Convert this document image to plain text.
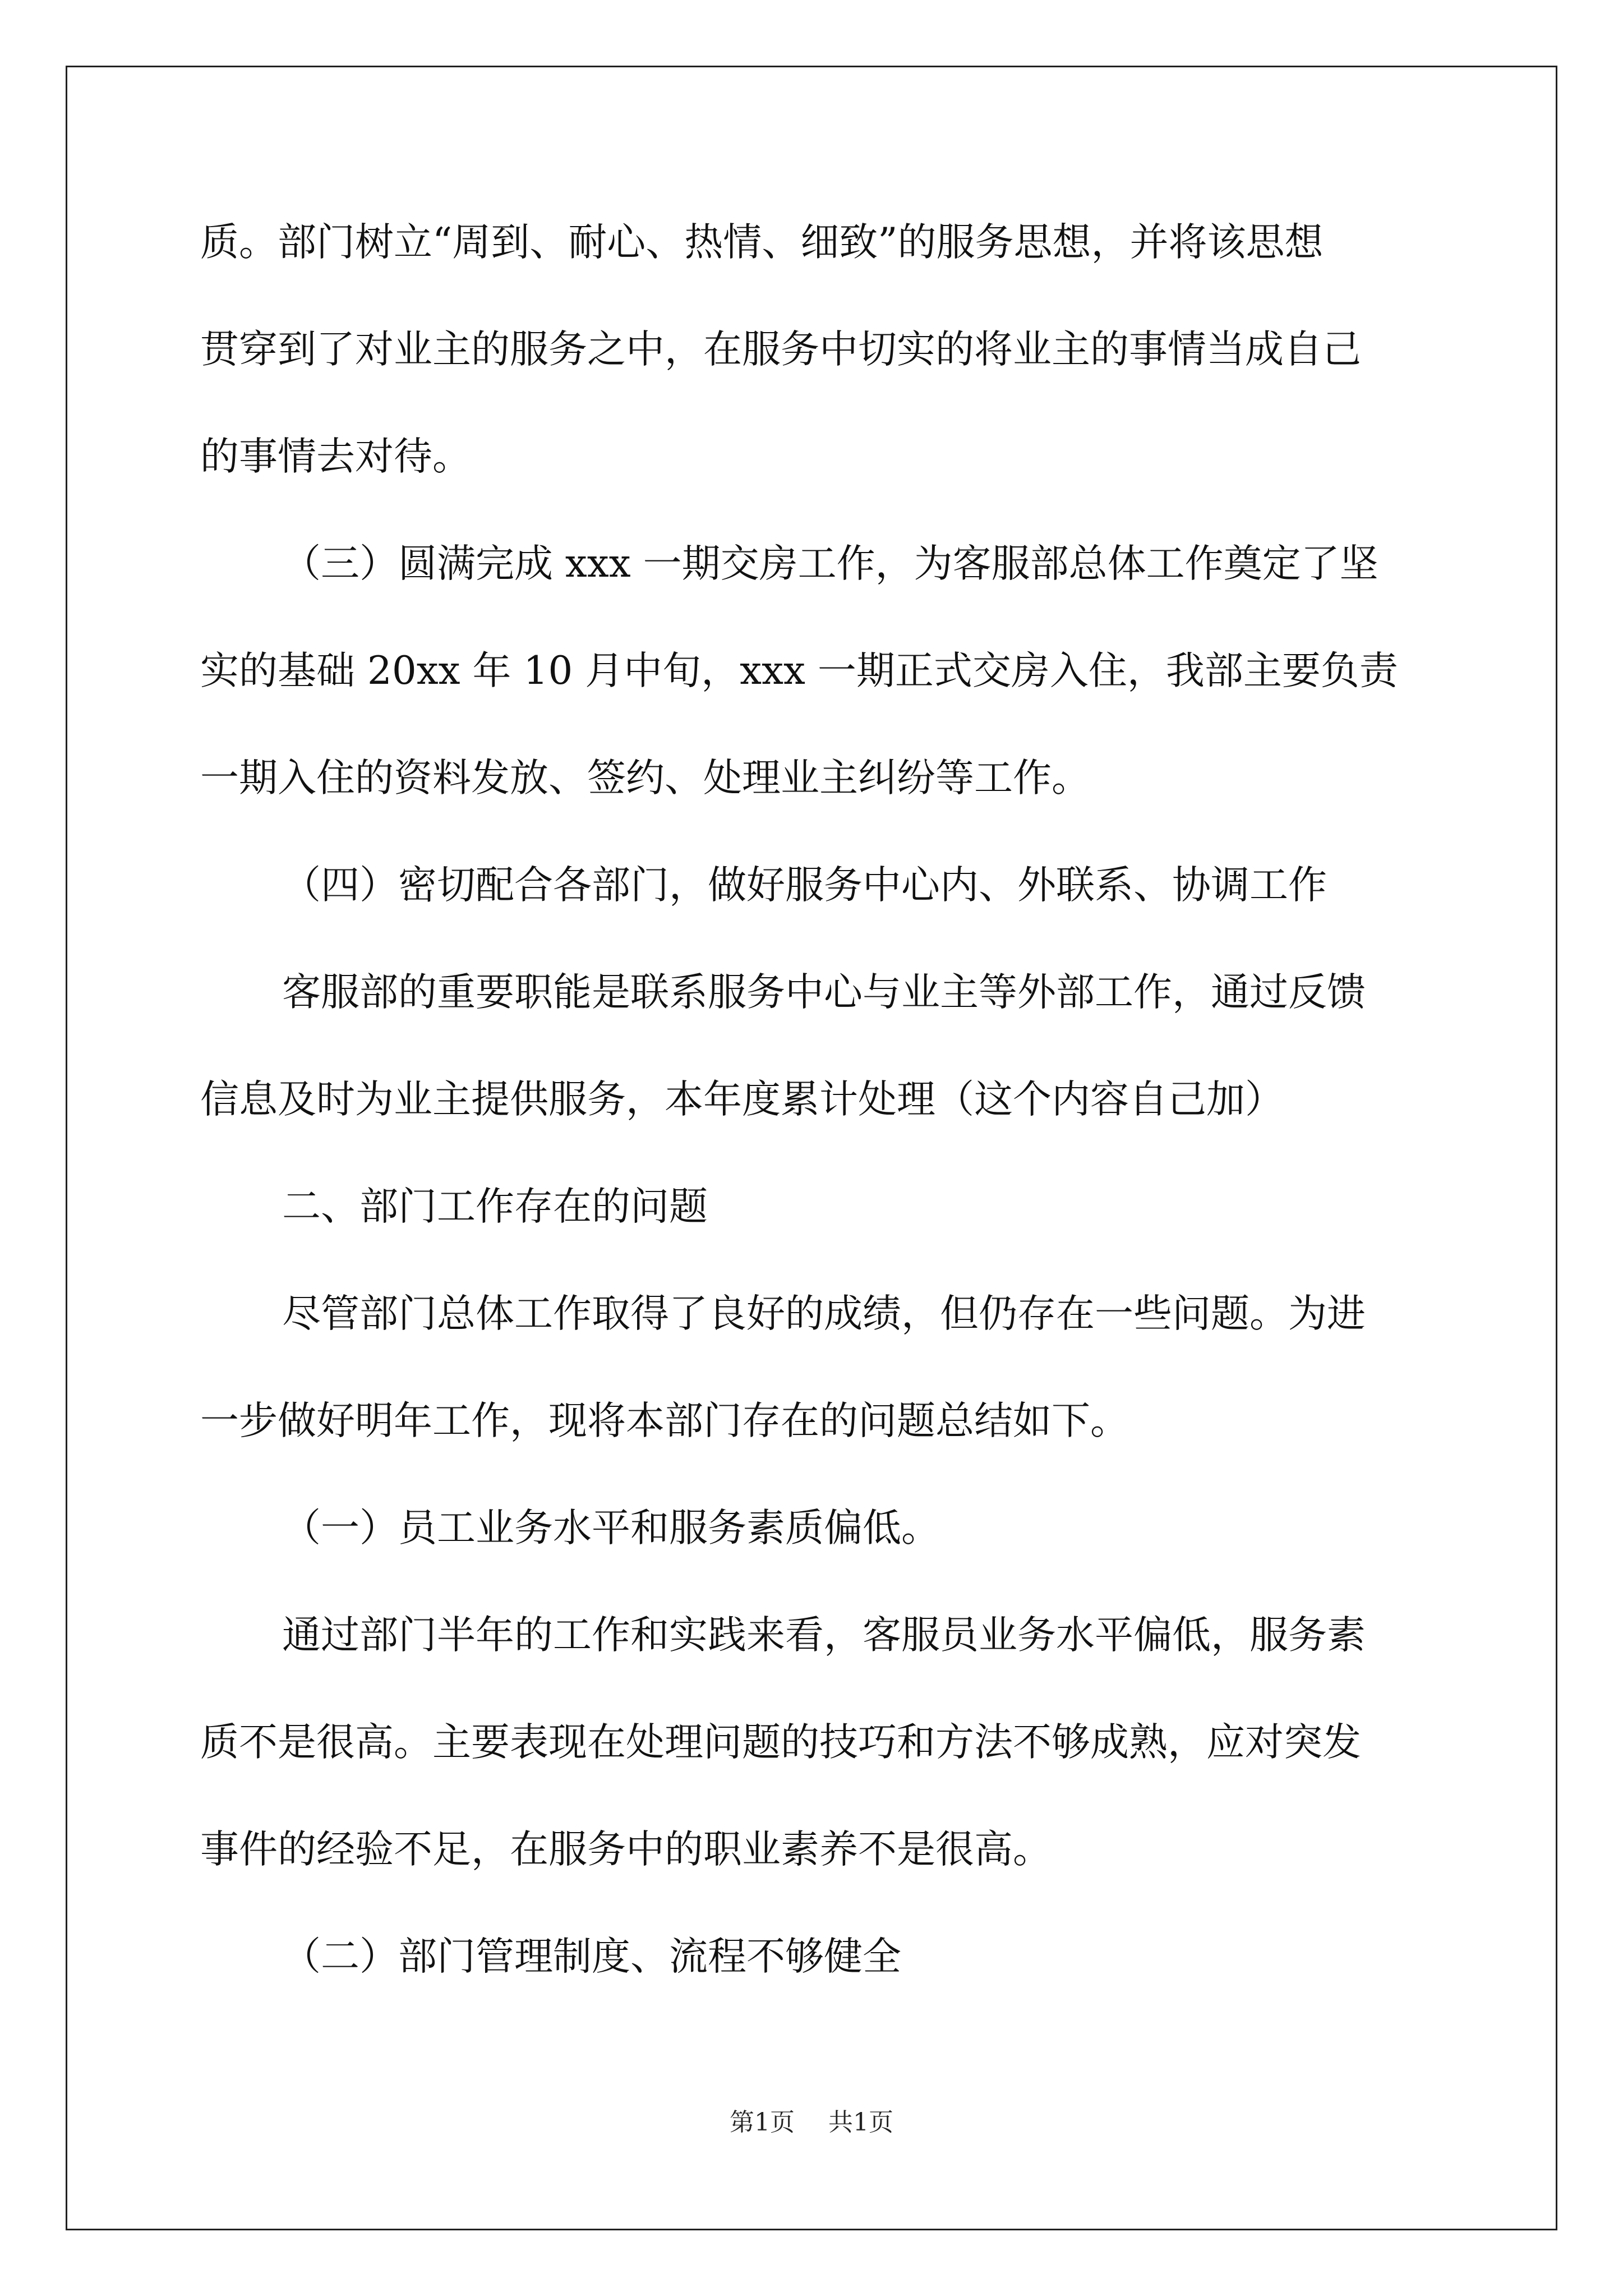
质。部门树立“周到、耐心、热情、细致”的服务思想，并将该思想

贯穿到了对业主的服务之中，在服务中切实的将业主的事情当成自己

的事情去对待。

（三）圆满完成 xxx 一期交房工作，为客服部总体工作奠定了坚

实的基础 20xx 年 10 月中旬，xxx 一期正式交房入住，我部主要负责

一期入住的资料发放、签约、处理业主纠纷等工作。

（四）密切配合各部门，做好服务中心内、外联系、协调工作

客服部的重要职能是联系服务中心与业主等外部工作，通过反馈

信息及时为业主提供服务，本年度累计处理（这个内容自己加）

二、部门工作存在的问题

尽管部门总体工作取得了良好的成绩，但仍存在一些问题。为进

一步做好明年工作，现将本部门存在的问题总结如下。

（一）员工业务水平和服务素质偏低。

通过部门半年的工作和实践来看，客服员业务水平偏低，服务素

质不是很高。主要表现在处理问题的技巧和方法不够成熟，应对突发

事件的经验不足，在服务中的职业素养不是很高。

（二）部门管理制度、流程不够健全

第1页 共1页
